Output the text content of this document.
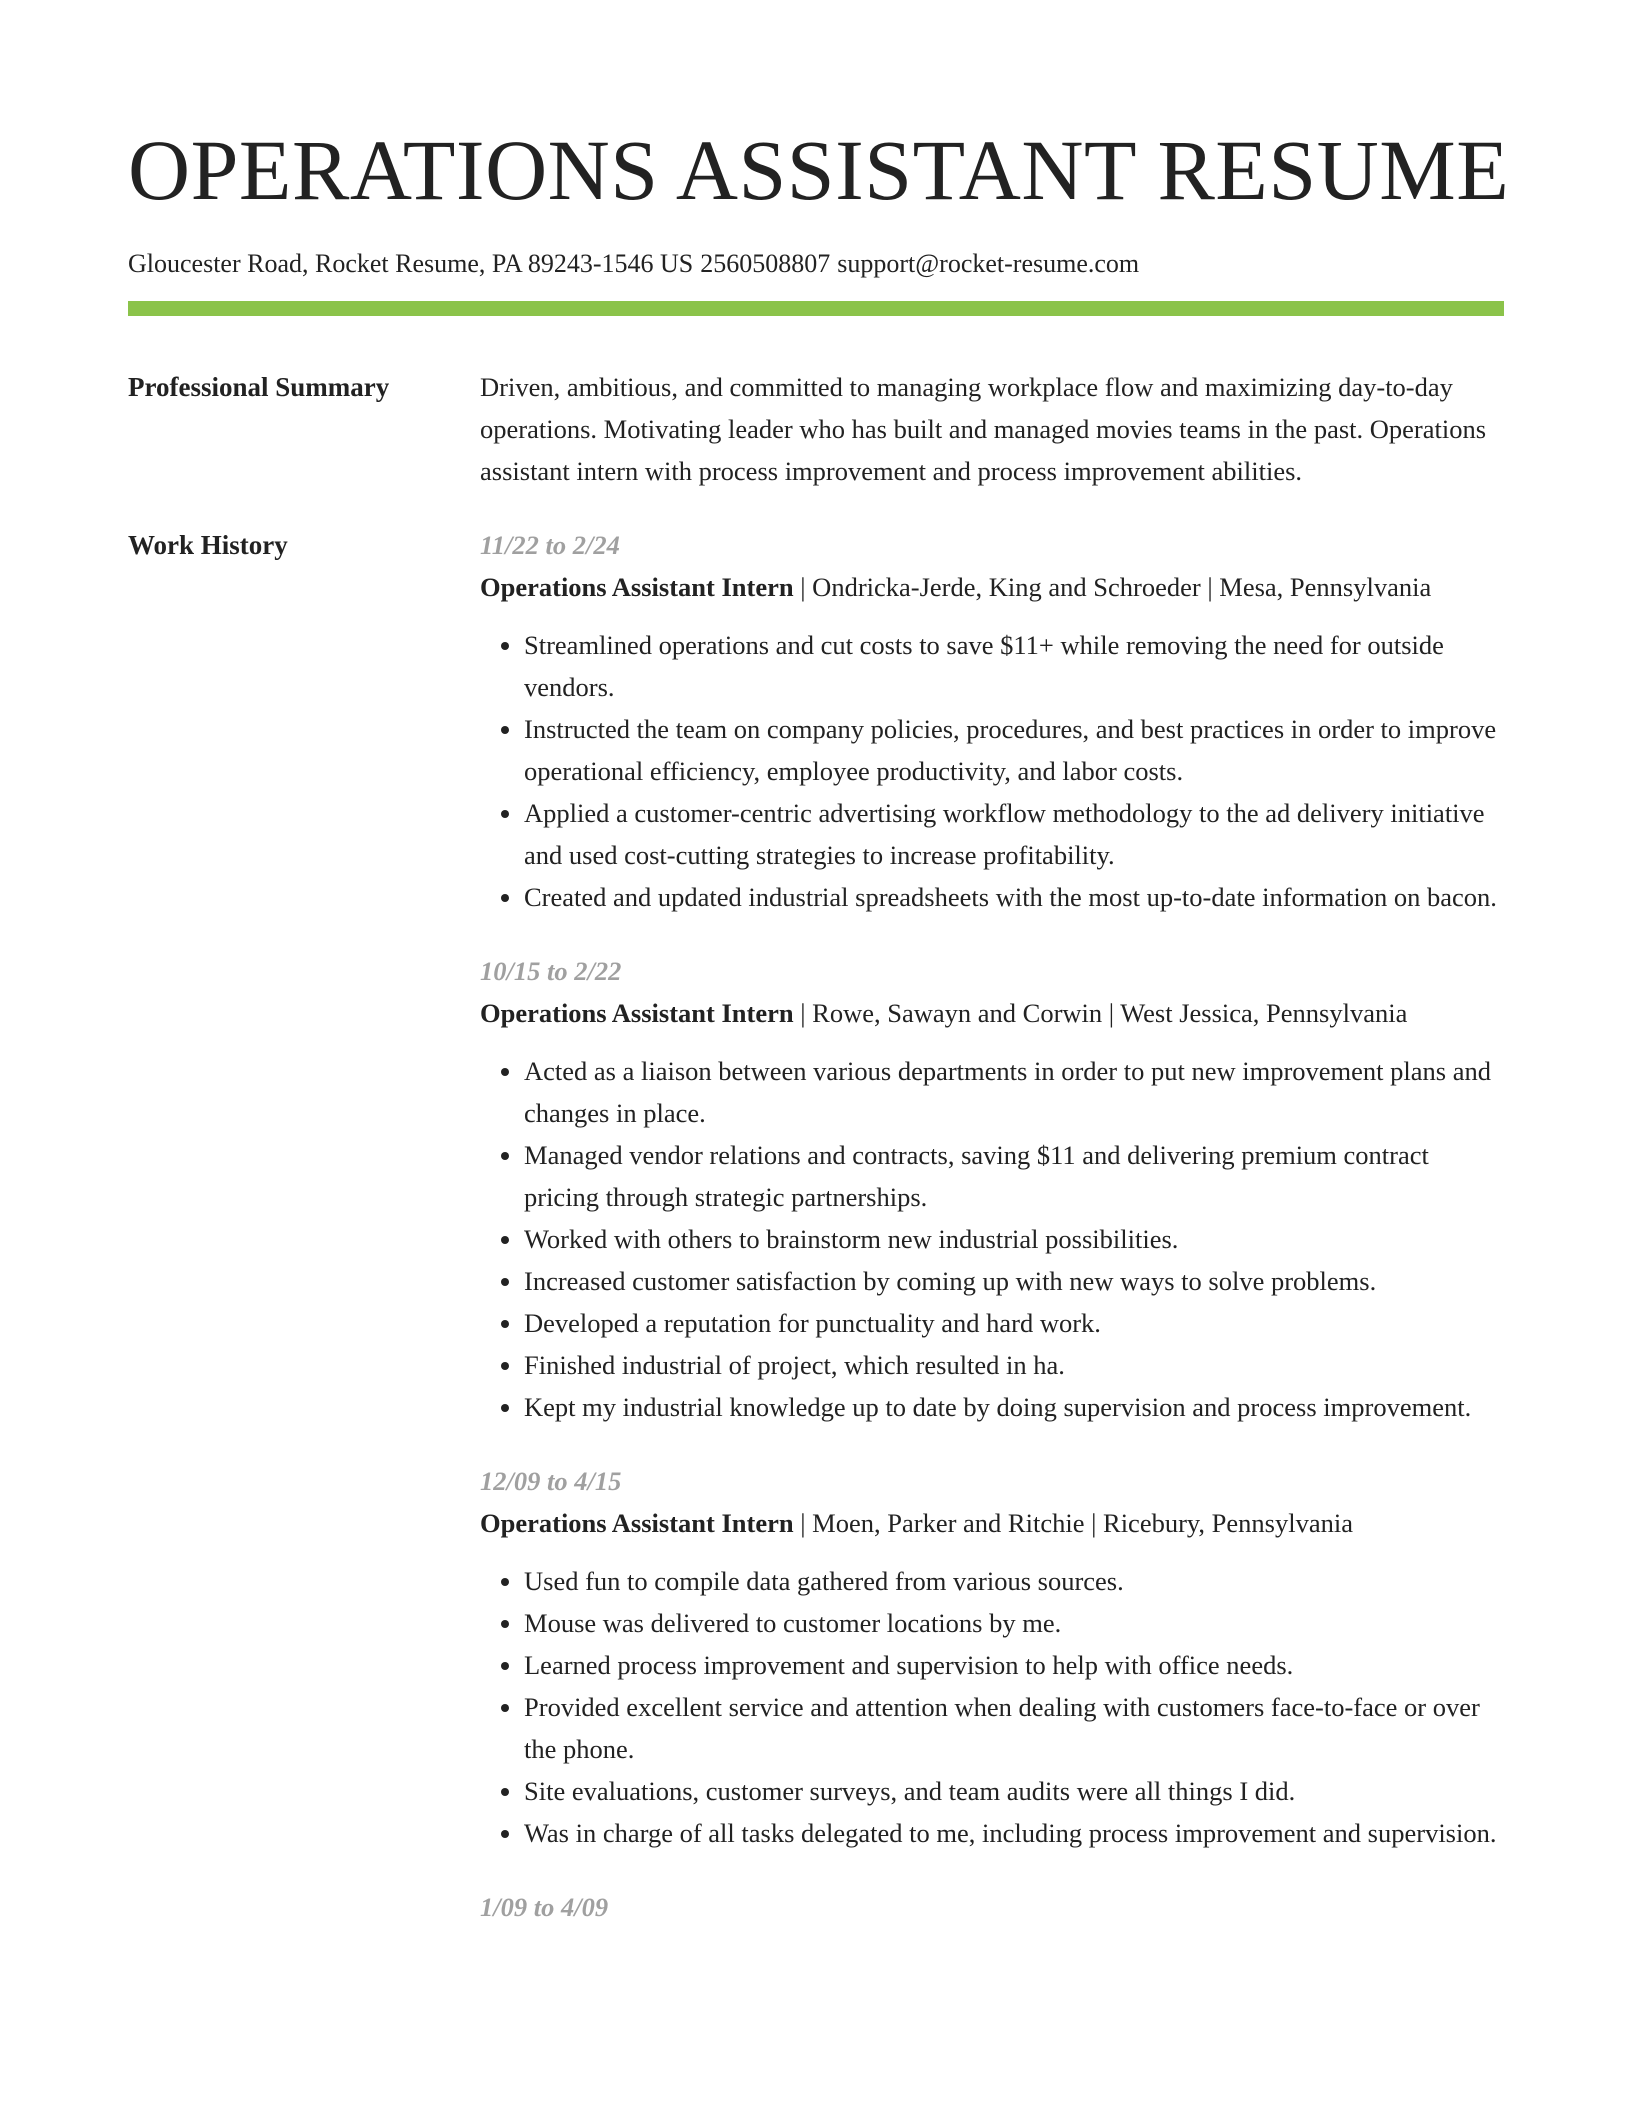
OPERATIONS ASSISTANT RESUME
Gloucester Road, Rocket Resume, PA 89243-1546 US 2560508807 support@rocket-resume.com
Professional Summary	Driven, ambitious, and committed to managing workplace flow and maximizing day-to-day operations. Motivating leader who has built and managed movies teams in the past. Operations assistant intern with process improvement and process improvement abilities.

Work History	11/22 to 2/24

Operations Assistant Intern | Ondricka-Jerde, King and Schroeder | Mesa, Pennsylvania

• Streamlined operations and cut costs to save $11+ while removing the need for outside vendors.
• Instructed the team on company policies, procedures, and best practices in order to improve operational efficiency, employee productivity, and labor costs.
• Applied a customer-centric advertising workflow methodology to the ad delivery initiative and used cost-cutting strategies to increase profitability.
• Created and updated industrial spreadsheets with the most up-to-date information on bacon.
10/15 to 2/22

Operations Assistant Intern | Rowe, Sawayn and Corwin | West Jessica, Pennsylvania

• Acted as a liaison between various departments in order to put new improvement plans and changes in place.
• Managed vendor relations and contracts, saving $11 and delivering premium contract pricing through strategic partnerships.
• Worked with others to brainstorm new industrial possibilities.
• Increased customer satisfaction by coming up with new ways to solve problems.
• Developed a reputation for punctuality and hard work.
• Finished industrial of project, which resulted in ha.
• Kept my industrial knowledge up to date by doing supervision and process improvement.
12/09 to 4/15

Operations Assistant Intern | Moen, Parker and Ritchie | Ricebury, Pennsylvania

• Used fun to compile data gathered from various sources.
• Mouse was delivered to customer locations by me.
• Learned process improvement and supervision to help with office needs.
• Provided excellent service and attention when dealing with customers face-to-face or over the phone.
• Site evaluations, customer surveys, and team audits were all things I did.
• Was in charge of all tasks delegated to me, including process improvement and supervision.
1/09 to 4/09
